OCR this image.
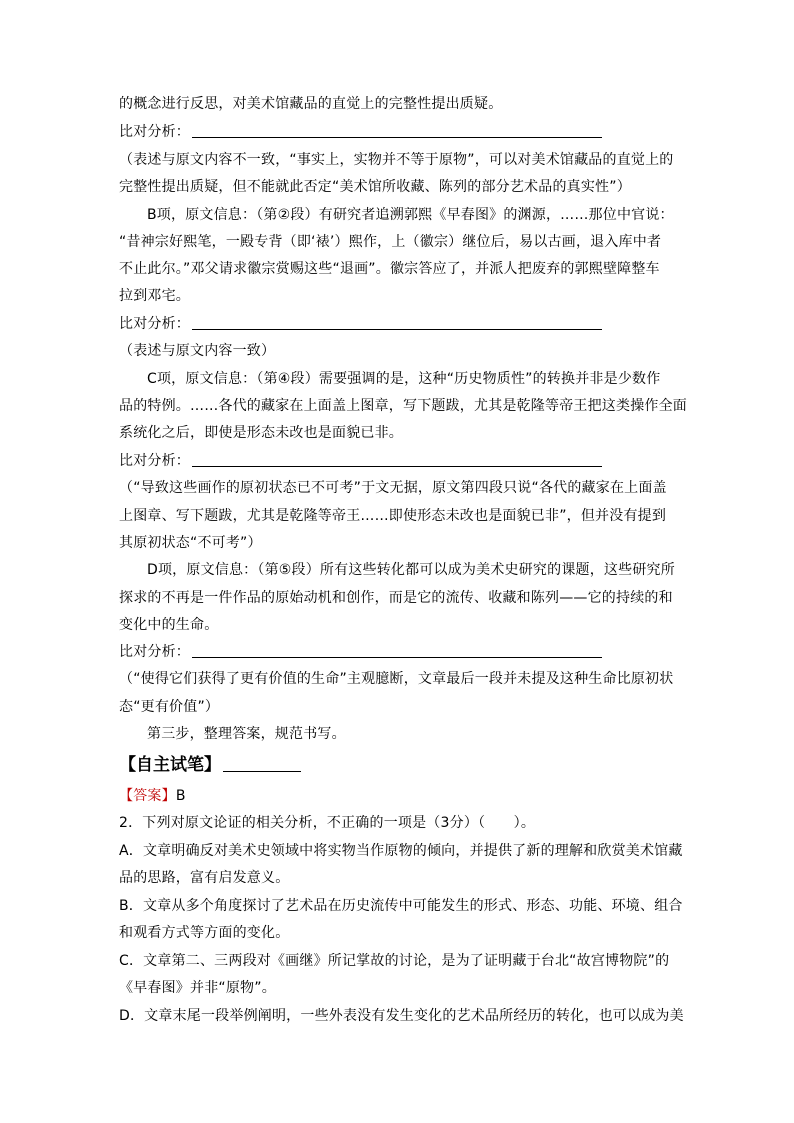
的概念进行反思，对美术馆藏品的直觉上的完整性提出质疑。
比对分析：
（表述与原文内容不一致，“事实上，实物并不等于原物”，可以对美术馆藏品的直觉上的
完整性提出质疑，但不能就此否定“美术馆所收藏、陈列的部分艺术品的真实性”）
B项，原文信息：（第②段）有研究者追溯郭熙《早春图》的渊源，……那位中官说：
“昔神宗好熙笔，一殿专背（即‘裱’）熙作，上（徽宗）继位后，易以古画，退入库中者
不止此尔。”邓父请求徽宗赏赐这些“退画”。徽宗答应了，并派人把废弃的郭熙壁障整车
拉到邓宅。
比对分析：
（表述与原文内容一致）
C项，原文信息：（第④段）需要强调的是，这种“历史物质性”的转换并非是少数作
品的特例。……各代的藏家在上面盖上图章，写下题跋，尤其是乾隆等帝王把这类操作全面
系统化之后，即使是形态未改也是面貌已非。
比对分析：
（“导致这些画作的原初状态已不可考”于文无据，原文第四段只说“各代的藏家在上面盖
上图章、写下题跋，尤其是乾隆等帝王……即使形态未改也是面貌已非”，但并没有提到
其原初状态“不可考”）
D项，原文信息：（第⑤段）所有这些转化都可以成为美术史研究的课题，这些研究所
探求的不再是一件作品的原始动机和创作，而是它的流传、收藏和陈列——它的持续的和
变化中的生命。
比对分析：
（“使得它们获得了更有价值的生命”主观臆断，文章最后一段并未提及这种生命比原初状
态“更有价值”）
第三步，整理答案，规范书写。
【自主试笔】
【答案】B
2．下列对原文论证的相关分析，不正确的一项是（3分）（　　）。
A．文章明确反对美术史领域中将实物当作原物的倾向，并提供了新的理解和欣赏美术馆藏
品的思路，富有启发意义。
B．文章从多个角度探讨了艺术品在历史流传中可能发生的形式、形态、功能、环境、组合
和观看方式等方面的变化。
C．文章第二、三两段对《画继》所记掌故的讨论，是为了证明藏于台北“故宫博物院”的
《早春图》并非“原物”。
D．文章末尾一段举例阐明，一些外表没有发生变化的艺术品所经历的转化，也可以成为美
